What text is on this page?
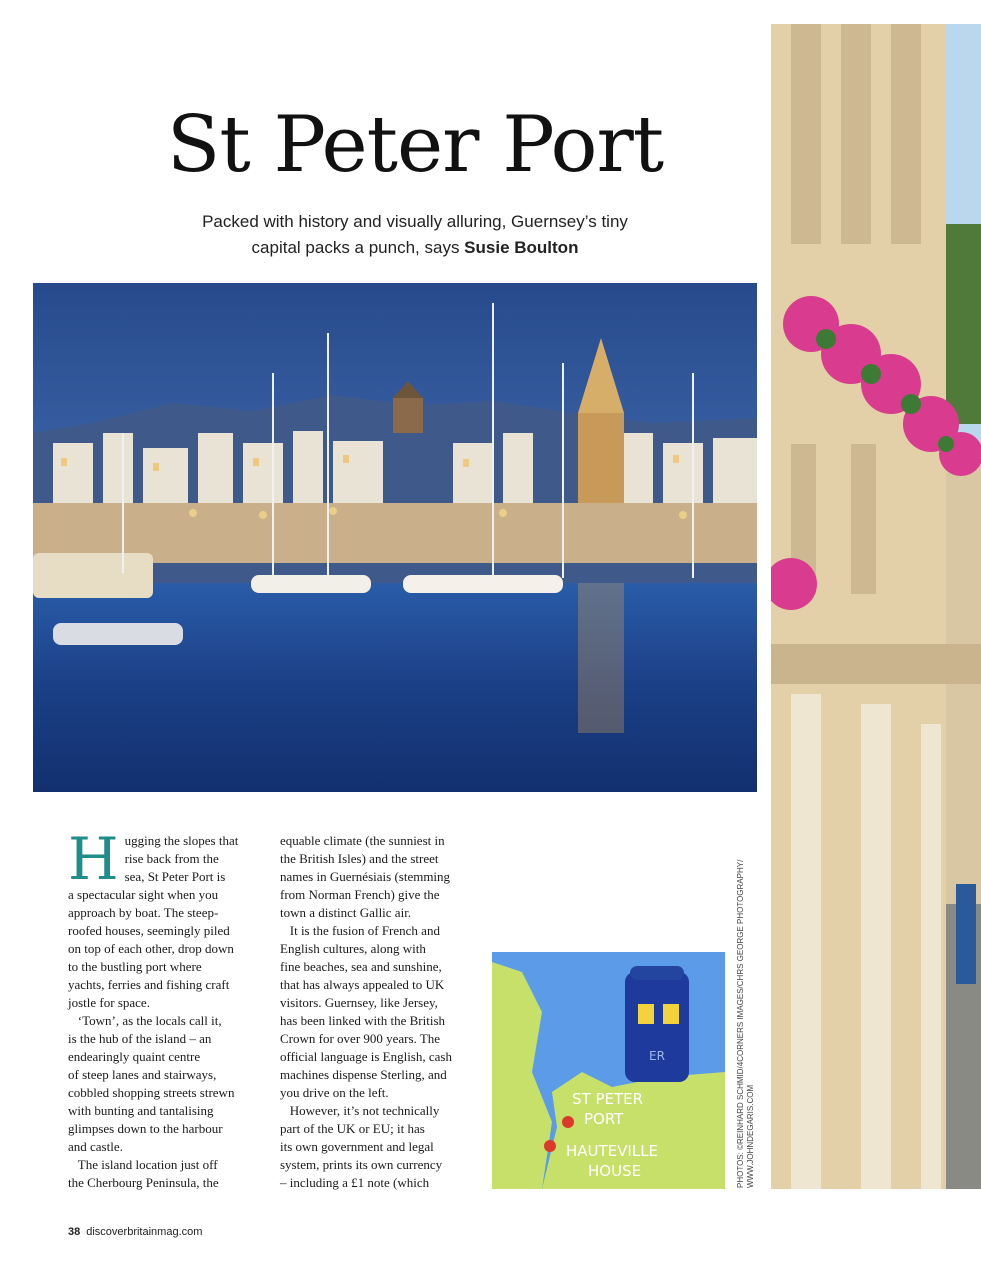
St Peter Port
Packed with history and visually alluring, Guernsey’s tiny
capital packs a punch, says Susie Boulton
H ugging the slopes that

rise back from the

sea, St Peter Port is

a spectacular sight when you

approach by boat. The steep-

roofed houses, seemingly piled

on top of each other, drop down

to the bustling port where

yachts, ferries and fishing craft

jostle for space.

‘Town’, as the locals call it,

is the hub of the island – an

endearingly quaint centre

of steep lanes and stairways,

cobbled shopping streets strewn

with bunting and tantalising

glimpses down to the harbour

and castle.

The island location just off

the Cherbourg Peninsula, the

equable climate (the sunniest in

the British Isles) and the street

names in Guernésiais (stemming

from Norman French) give the

town a distinct Gallic air.

It is the fusion of French and

English cultures, along with

fine beaches, sea and sunshine,

that has always appealed to UK

visitors. Guernsey, like Jersey,

has been linked with the British

Crown for over 900 years. The

official language is English, cash

machines dispense Sterling, and

you drive on the left.

However, it’s not technically

part of the UK or EU; it has

its own government and legal

system, prints its own currency

– including a £1 note (which	PHOTOS: ©REINHARD SCHMID/4CORNERS IMAGES/CHRS GEORGE PHOTOGRAPHY/ WWW.JOHNDEGARIS.COM
ER
ST PETER
PORT
HAUTEVILLE
HOUSE
38 discoverbritainmag.com
